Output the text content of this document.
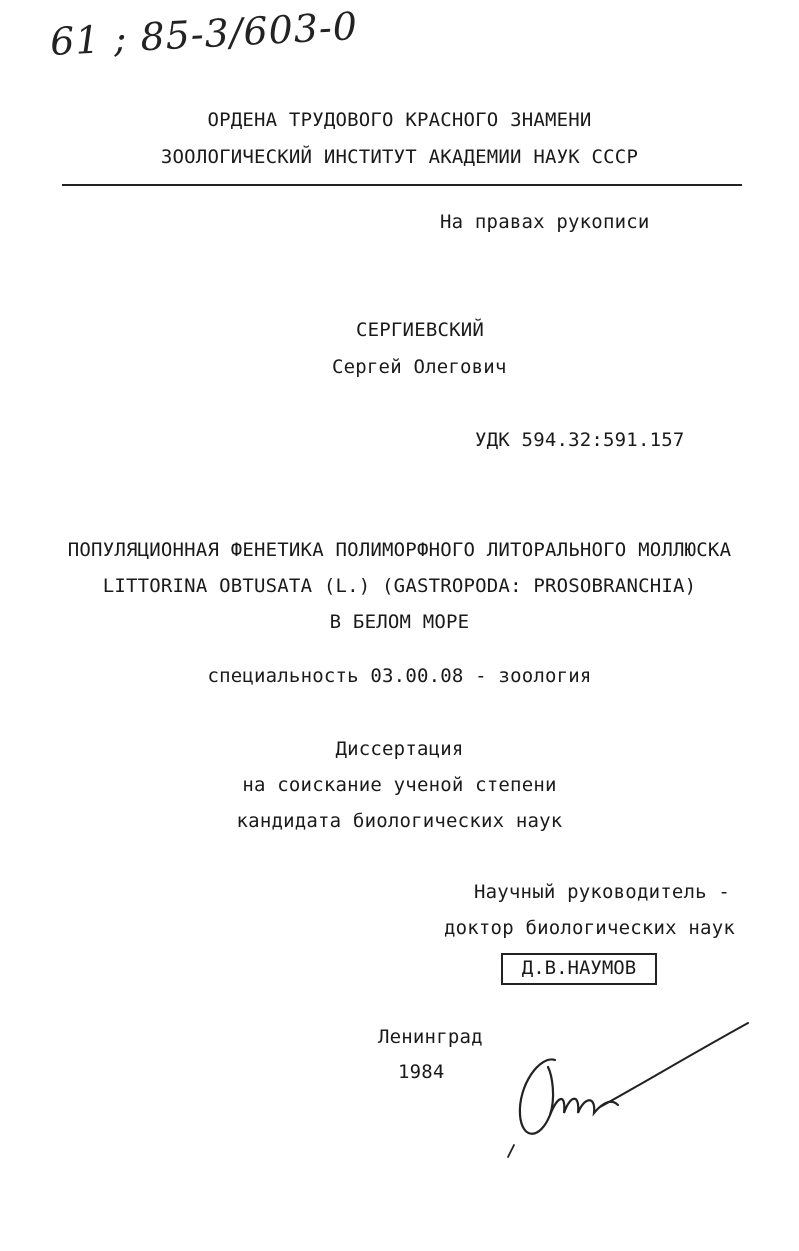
61 ; 85-3/603-0
ОРДЕНА ТРУДОВОГО КРАСНОГО ЗНАМЕНИ
ЗООЛОГИЧЕСКИЙ ИНСТИТУТ АКАДЕМИИ НАУК СССР
На правах рукописи
СЕРГИЕВСКИЙ
Сергей Олегович
УДК 594.32:591.157
ПОПУЛЯЦИОННАЯ ФЕНЕТИКА ПОЛИМОРФНОГО ЛИТОРАЛЬНОГО МОЛЛЮСКА
LITTORINA OBTUSATA (L.) (GASTROPODA: PROSOBRANCHIA)
В БЕЛОМ МОРЕ
специальность 03.00.08 - зоология
Диссертация
на соискание ученой степени
кандидата биологических наук
Научный руководитель -
доктор биологических наук
Д.В.НАУМОВ
Ленинград
1984
